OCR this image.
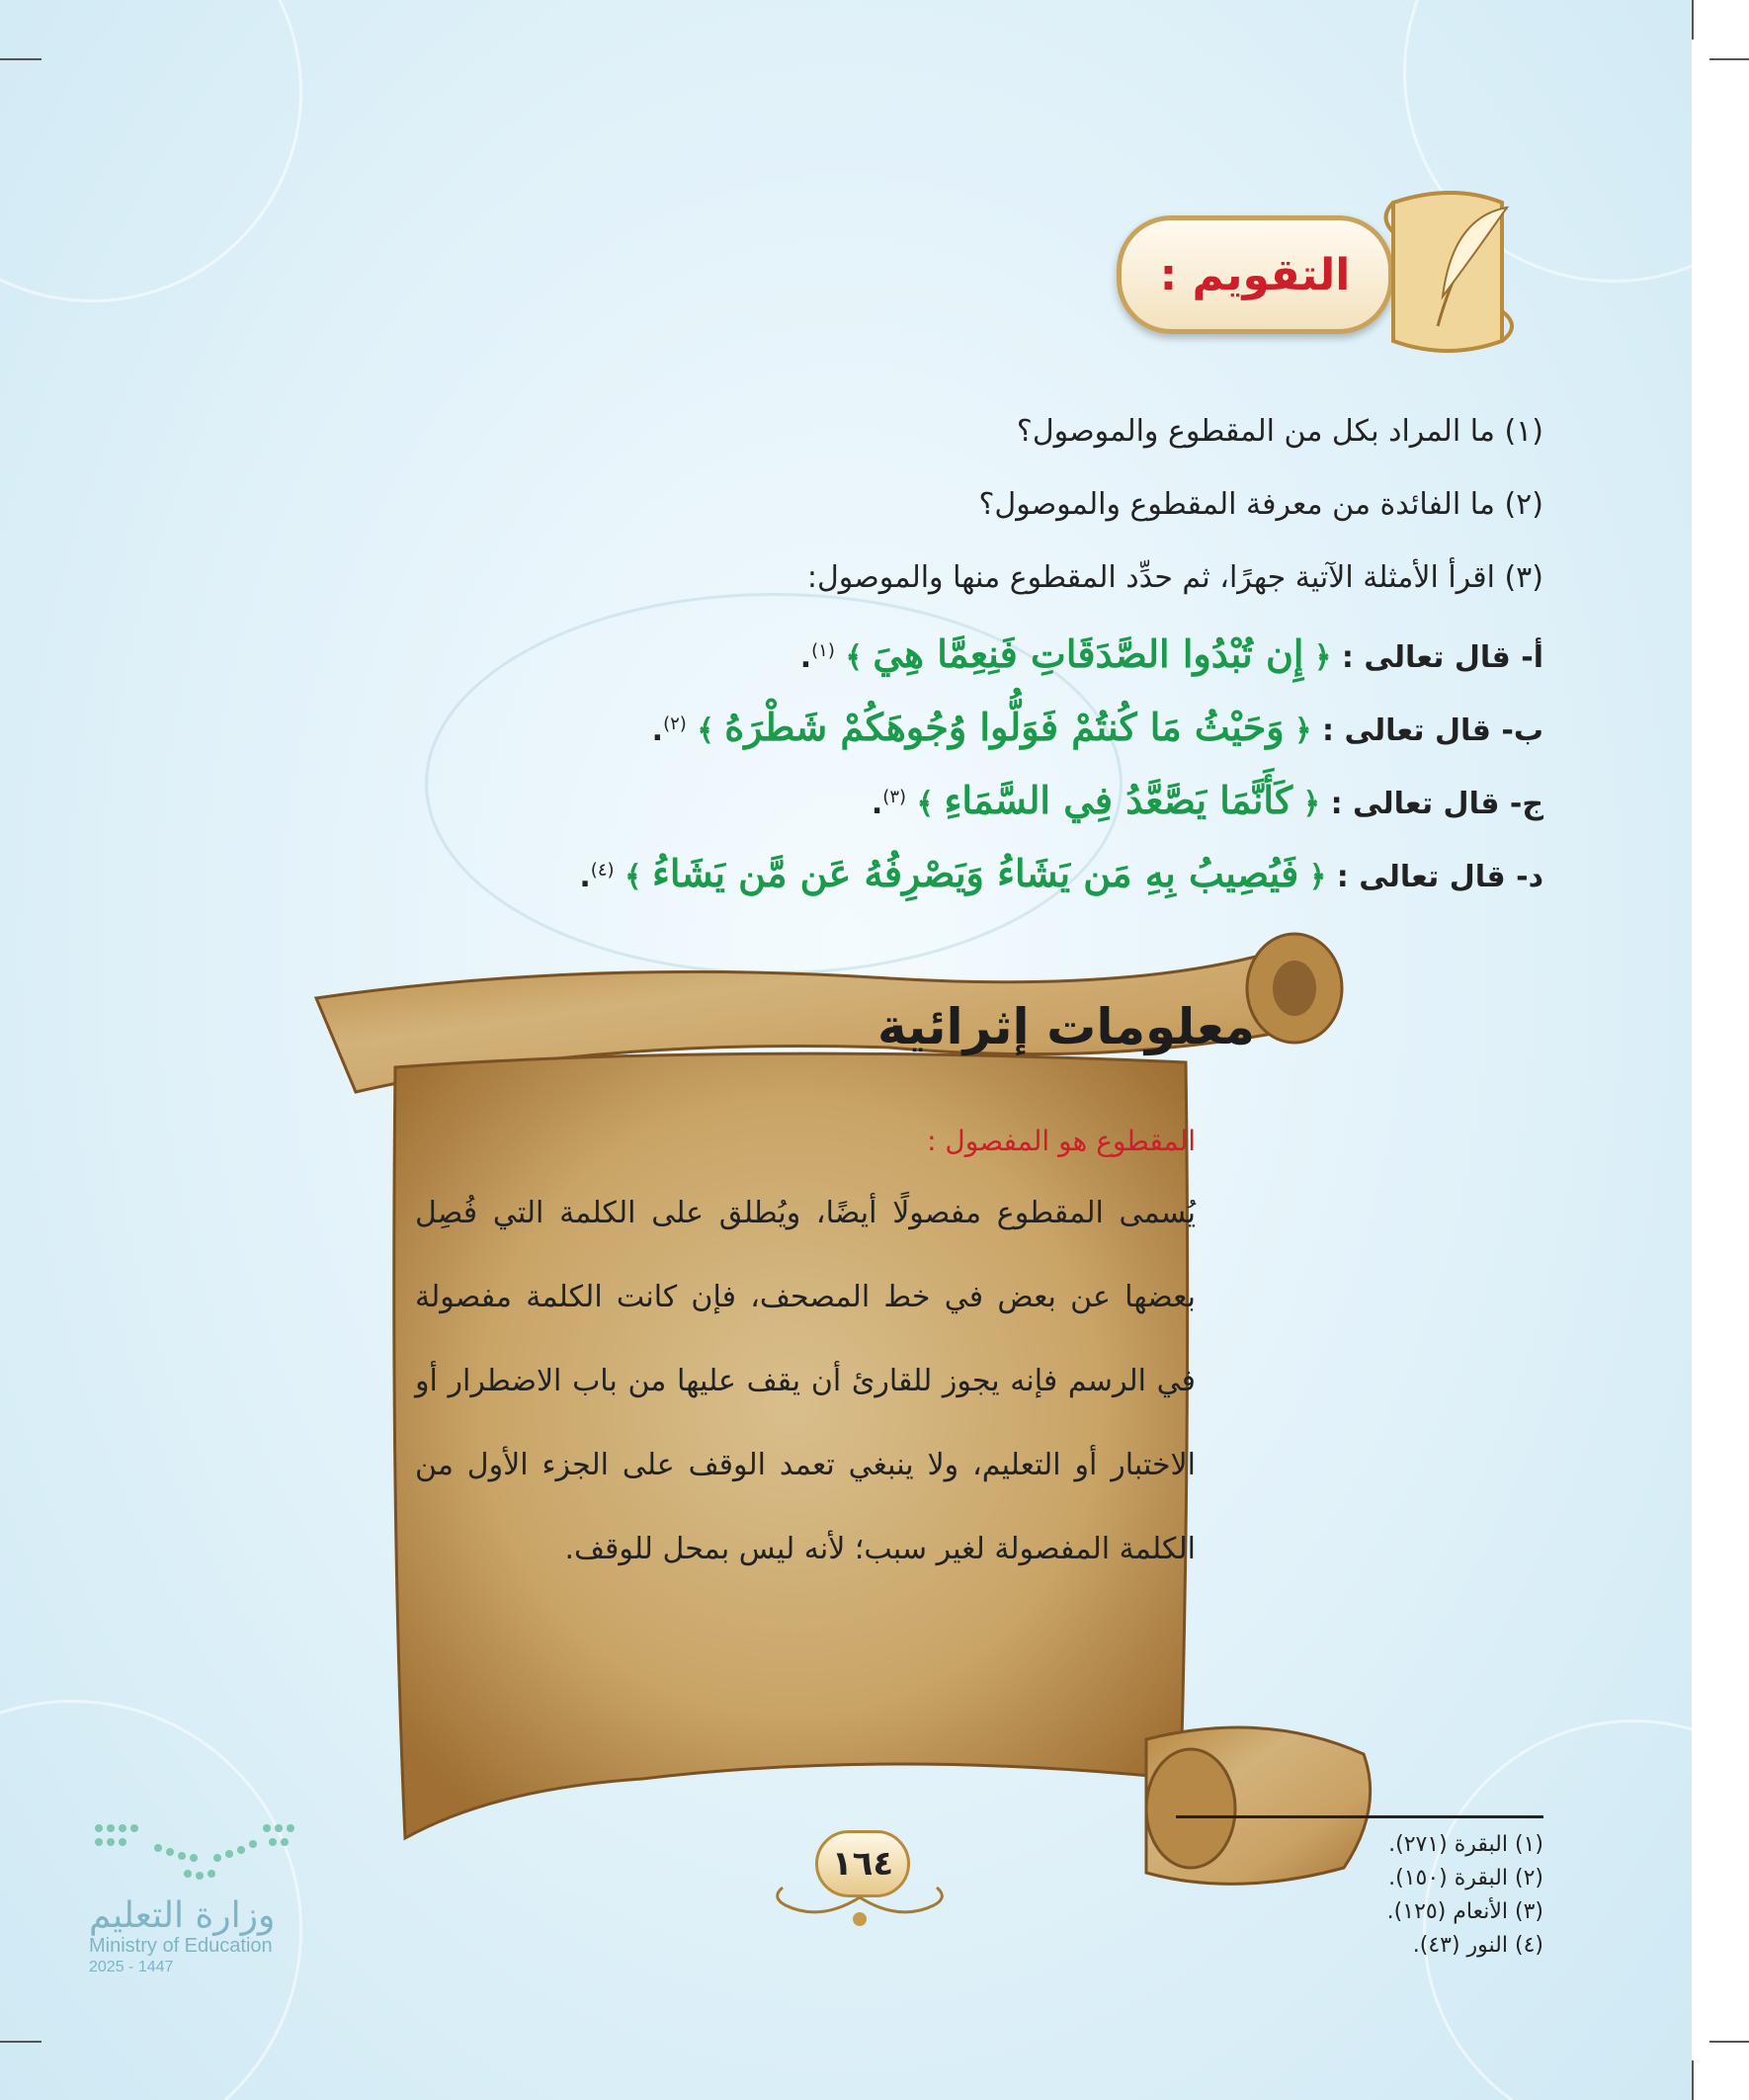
التقويم :
(١) ما المراد بكل من المقطوع والموصول؟
(٢) ما الفائدة من معرفة المقطوع والموصول؟
(٣) اقرأ الأمثلة الآتية جهرًا، ثم حدِّد المقطوع منها والموصول:
أ- قال تعالى : ﴿ إِن تُبْدُوا الصَّدَقَاتِ فَنِعِمَّا هِيَ ﴾ $^{(١)}$.
ب- قال تعالى : ﴿ وَحَيْثُ مَا كُنتُمْ فَوَلُّوا وُجُوهَكُمْ شَطْرَهُ ﴾ $^{(٢)}$.
ج- قال تعالى : ﴿ كَأَنَّمَا يَصَّعَّدُ فِي السَّمَاءِ ﴾ $^{(٣)}$.
د- قال تعالى : ﴿ فَيُصِيبُ بِهِ مَن يَشَاءُ وَيَصْرِفُهُ عَن مَّن يَشَاءُ ﴾ $^{(٤)}$.
معلومات إثرائية
المقطوع هو المفصول :
يُسمى المقطوع مفصولًا أيضًا، ويُطلق على الكلمة التي فُصِل بعضها عن بعض في خط المصحف، فإن كانت الكلمة مفصولة في الرسم فإنه يجوز للقارئ أن يقف عليها من باب الاضطرار أو الاختبار أو التعليم، ولا ينبغي تعمد الوقف على الجزء الأول من الكلمة المفصولة لغير سبب؛ لأنه ليس بمحل للوقف.
(١) البقرة (٢٧١).
(٢) البقرة (١٥٠).
(٣) الأنعام (١٢٥).
(٤) النور (٤٣).
١٦٤
وزارة التعليم
Ministry of Education
2025 - 1447
